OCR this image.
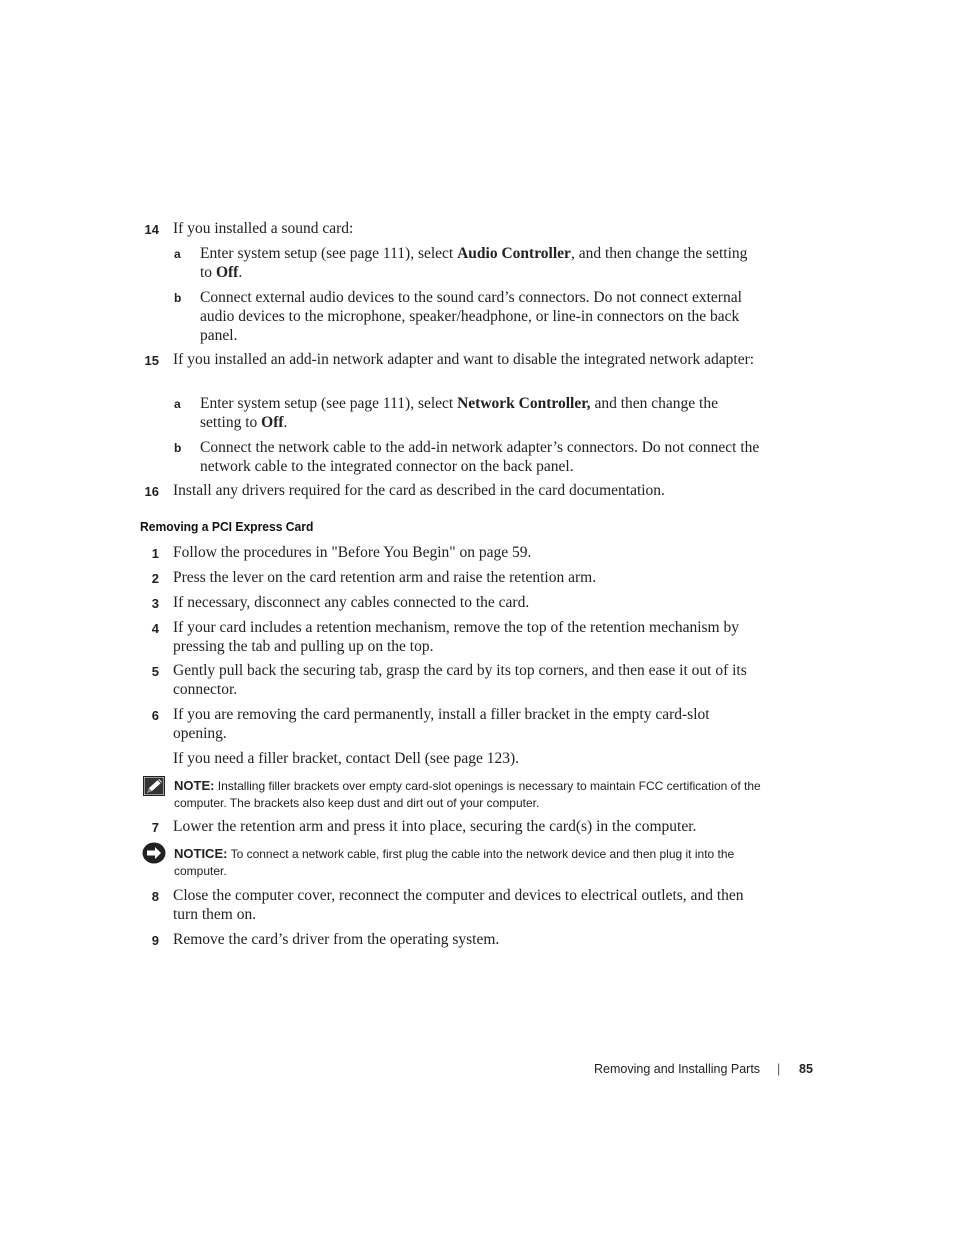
14 If you installed a sound card:
a Enter system setup (see page 111), select Audio Controller, and then change the setting to Off.
b Connect external audio devices to the sound card’s connectors. Do not connect external audio devices to the microphone, speaker/headphone, or line-in connectors on the back panel.
15 If you installed an add-in network adapter and want to disable the integrated network adapter:
a Enter system setup (see page 111), select Network Controller, and then change the setting to Off.
b Connect the network cable to the add-in network adapter’s connectors. Do not connect the network cable to the integrated connector on the back panel.
16 Install any drivers required for the card as described in the card documentation.
Removing a PCI Express Card
1 Follow the procedures in "Before You Begin" on page 59.
2 Press the lever on the card retention arm and raise the retention arm.
3 If necessary, disconnect any cables connected to the card.
4 If your card includes a retention mechanism, remove the top of the retention mechanism by pressing the tab and pulling up on the top.
5 Gently pull back the securing tab, grasp the card by its top corners, and then ease it out of its connector.
6 If you are removing the card permanently, install a filler bracket in the empty card-slot opening.
If you need a filler bracket, contact Dell (see page 123).
NOTE: Installing filler brackets over empty card-slot openings is necessary to maintain FCC certification of the computer. The brackets also keep dust and dirt out of your computer.
7 Lower the retention arm and press it into place, securing the card(s) in the computer.
NOTICE: To connect a network cable, first plug the cable into the network device and then plug it into the computer.
8 Close the computer cover, reconnect the computer and devices to electrical outlets, and then turn them on.
9 Remove the card’s driver from the operating system.
Removing and Installing Parts | 85
